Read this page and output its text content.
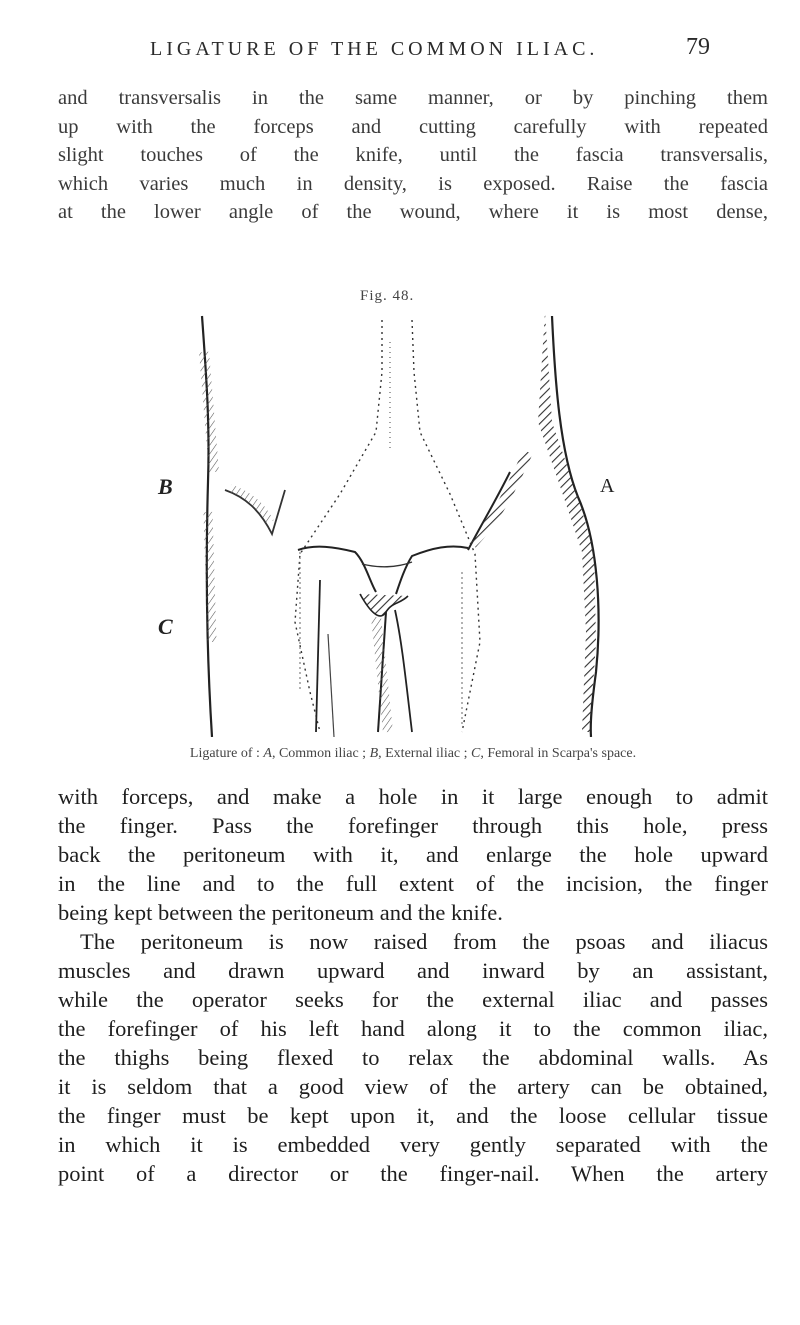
LIGATURE OF THE COMMON ILIAC.	79
and transversalis in the same manner, or by pinching them
up with the forceps and cutting carefully with repeated
slight touches of the knife, until the fascia transversalis,
which varies much in density, is exposed. Raise the fascia
at the lower angle of the wound, where it is most dense,
Fig. 48.
B	A
C
Ligature of : A, Common iliac ; B, External iliac ; C, Femoral in Scarpa's space.

with forceps, and make a hole in it large enough to admit
the finger. Pass the forefinger through this hole, press
back the peritoneum with it, and enlarge the hole upward
in the line and to the full extent of the incision, the finger
being kept between the peritoneum and the knife.

The peritoneum is now raised from the psoas and iliacus
muscles and drawn upward and inward by an assistant,
while the operator seeks for the external iliac and passes
the forefinger of his left hand along it to the common iliac,
the thighs being flexed to relax the abdominal walls. As
it is seldom that a good view of the artery can be obtained,
the finger must be kept upon it, and the loose cellular tissue
in which it is embedded very gently separated with the
point of a director or the finger-nail. When the artery
